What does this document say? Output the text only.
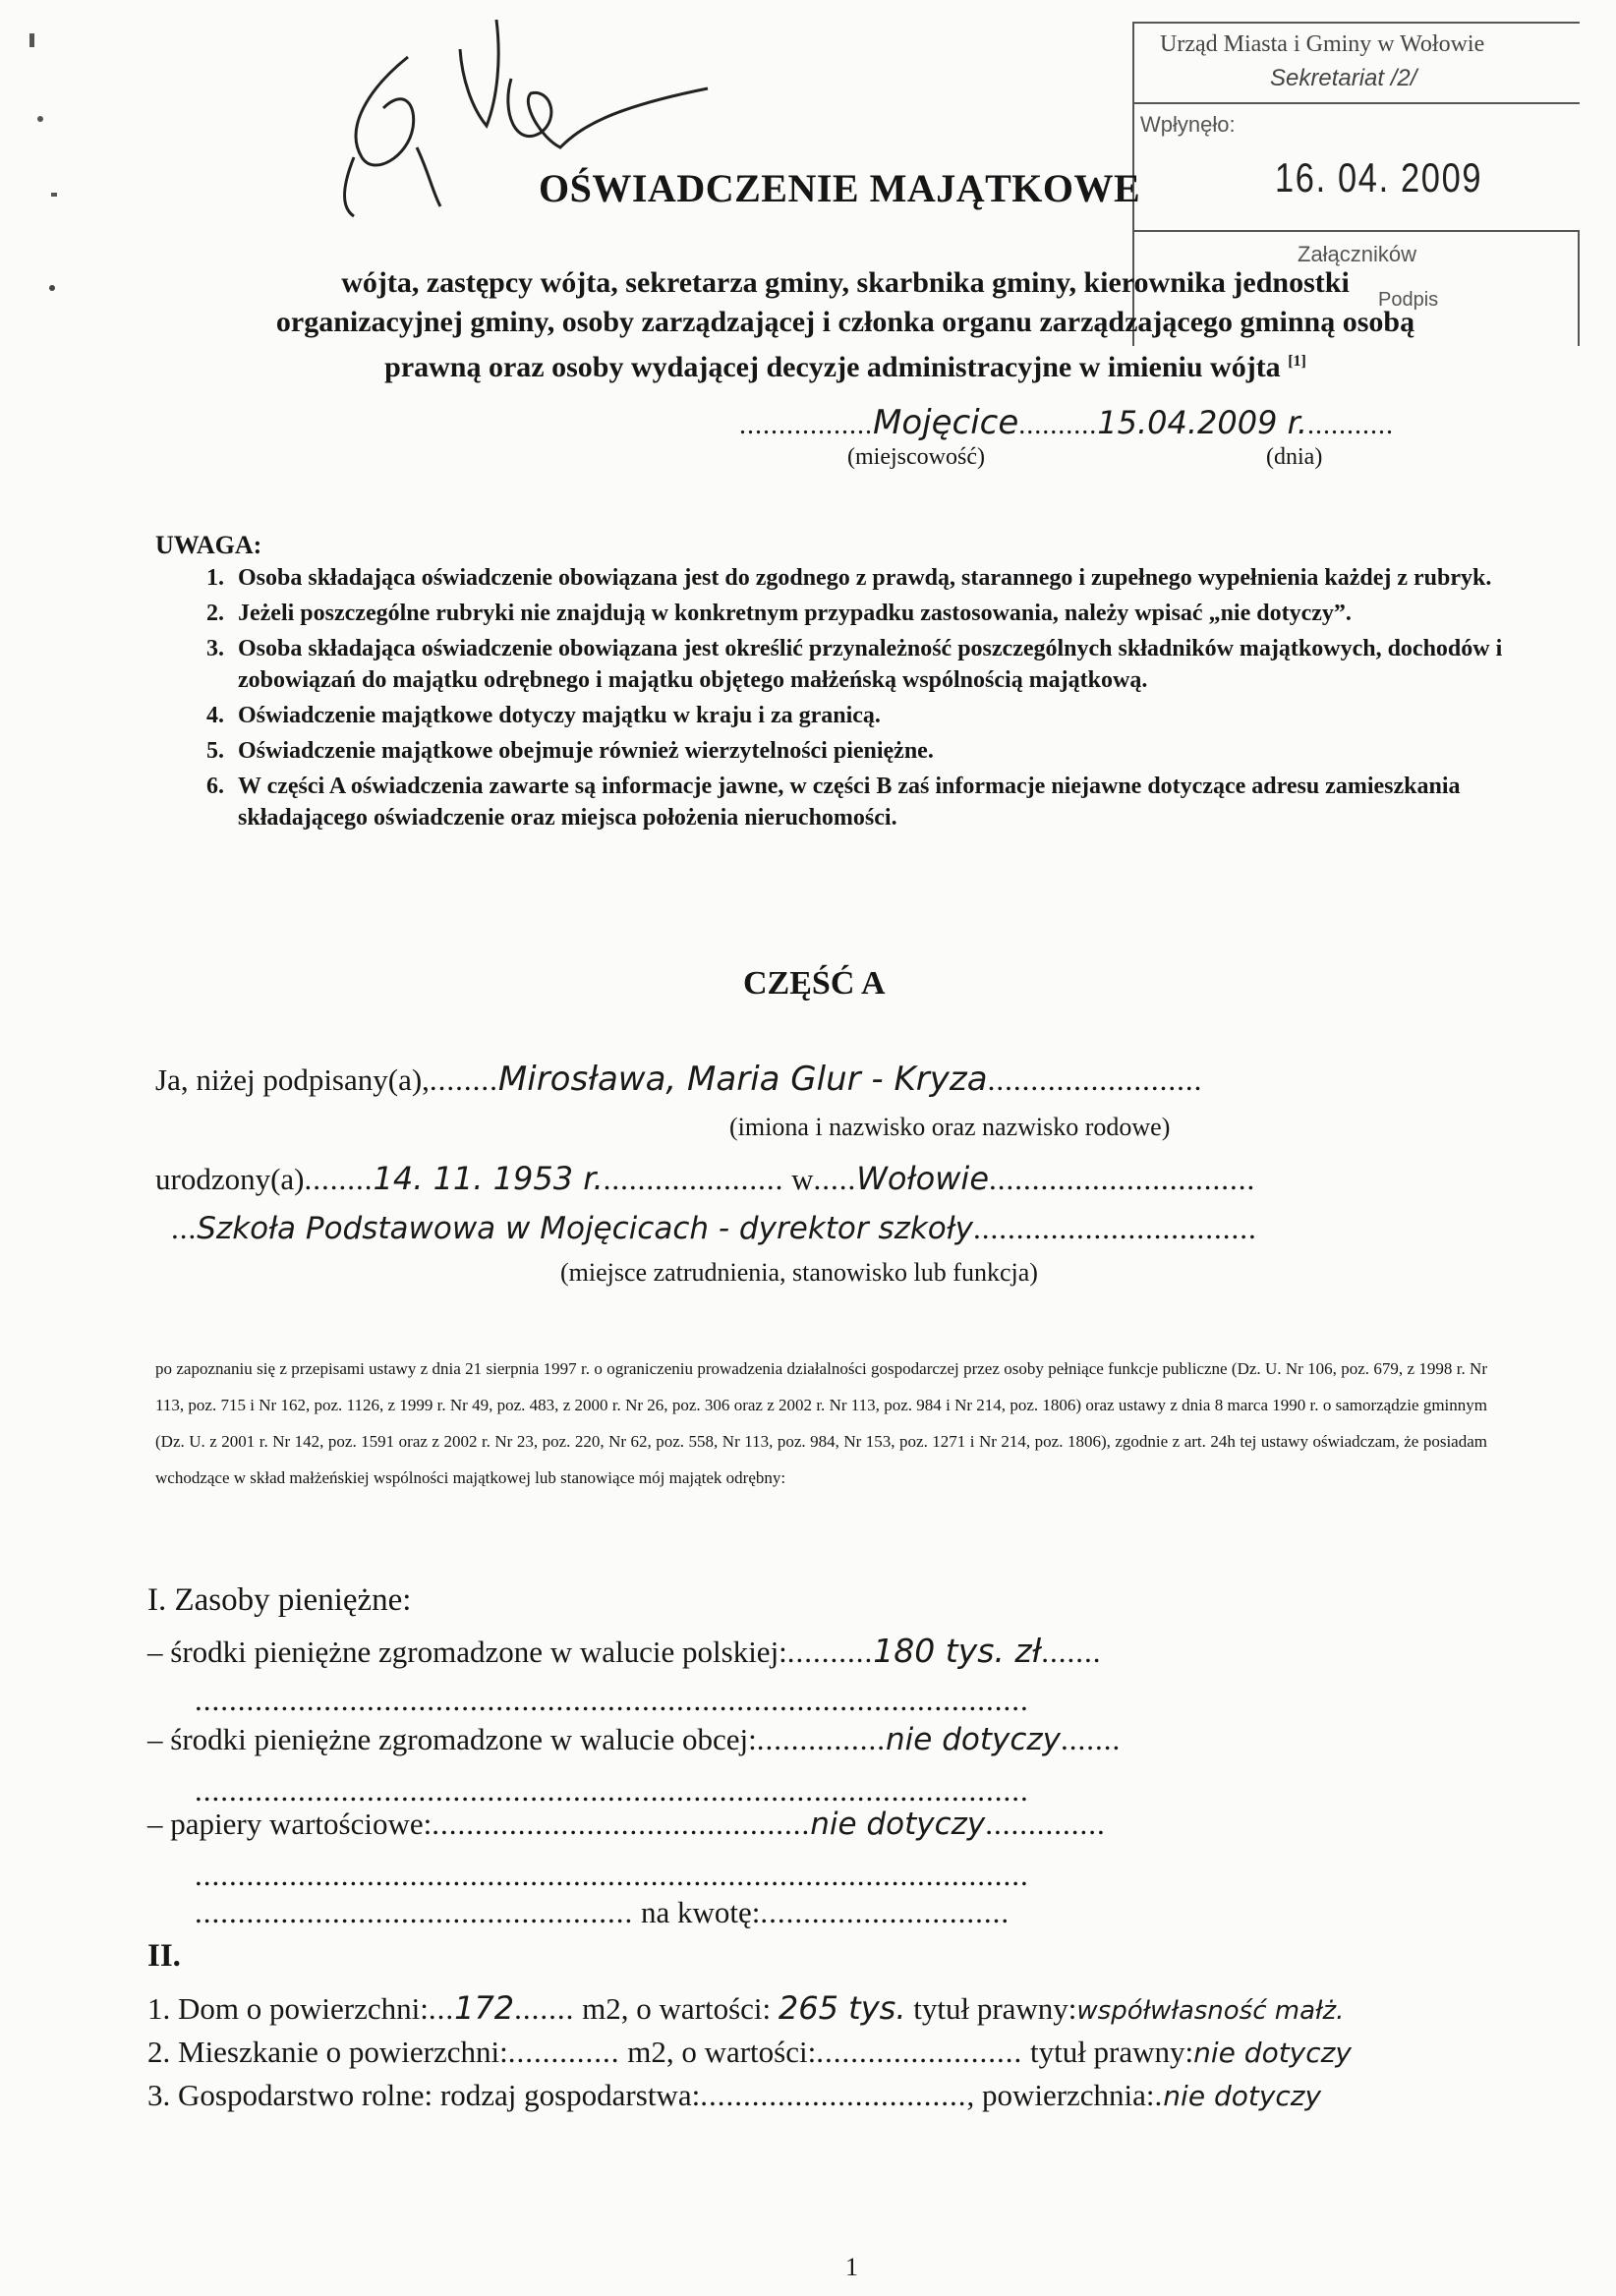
Urząd Miasta i Gminy w Wołowie
Sekretariat /2/
Wpłynęło:
16. 04. 2009
Załączników
Podpis
OŚWIADCZENIE MAJĄTKOWE
wójta, zastępcy wójta, sekretarza gminy, skarbnika gminy, kierownika jednostki
organizacyjnej gminy, osoby zarządzającej i członka organu zarządzającego gminną osobą
prawną oraz osoby wydającej decyzje administracyjne w imieniu wójta [1]
.................Mojęcice..........15.04.2009 r............
(miejscowość)	(dnia)
UWAGA:
1. Osoba składająca oświadczenie obowiązana jest do zgodnego z prawdą, starannego i zupełnego wypełnienia każdej z rubryk.
2. Jeżeli poszczególne rubryki nie znajdują w konkretnym przypadku zastosowania, należy wpisać „nie dotyczy”.
3. Osoba składająca oświadczenie obowiązana jest określić przynależność poszczególnych składników majątkowych, dochodów i zobowiązań do majątku odrębnego i majątku objętego małżeńską wspólnością majątkową.
4. Oświadczenie majątkowe dotyczy majątku w kraju i za granicą.
5. Oświadczenie majątkowe obejmuje również wierzytelności pieniężne.
6. W części A oświadczenia zawarte są informacje jawne, w części B zaś informacje niejawne dotyczące adresu zamieszkania składającego oświadczenie oraz miejsca położenia nieruchomości.
CZĘŚĆ A
Ja, niżej podpisany(a),........Mirosława, Maria Glur - Kryza.........................
(imiona i nazwisko oraz nazwisko rodowe)
urodzony(a)........14. 11. 1953 r...................... w.....Wołowie...............................
...Szkoła Podstawowa w Mojęcicach - dyrektor szkoły.................................
(miejsce zatrudnienia, stanowisko lub funkcja)
po zapoznaniu się z przepisami ustawy z dnia 21 sierpnia 1997 r. o ograniczeniu prowadzenia działalności gospodarczej przez osoby pełniące funkcje publiczne (Dz. U. Nr 106, poz. 679, z 1998 r. Nr 113, poz. 715 i Nr 162, poz. 1126, z 1999 r. Nr 49, poz. 483, z 2000 r. Nr 26, poz. 306 oraz z 2002 r. Nr 113, poz. 984 i Nr 214, poz. 1806) oraz ustawy z dnia 8 marca 1990 r. o samorządzie gminnym (Dz. U. z 2001 r. Nr 142, poz. 1591 oraz z 2002 r. Nr 23, poz. 220, Nr 62, poz. 558, Nr 113, poz. 984, Nr 153, poz. 1271 i Nr 214, poz. 1806), zgodnie z art. 24h tej ustawy oświadczam, że posiadam wchodzące w skład małżeńskiej wspólności majątkowej lub stanowiące mój majątek odrębny:
I. Zasoby pieniężne:
– środki pieniężne zgromadzone w walucie polskiej:..........180 tys. zł.......
.................................................................................................
– środki pieniężne zgromadzone w walucie obcej:...............nie dotyczy.......
.................................................................................................
– papiery wartościowe:............................................nie dotyczy..............
.................................................................................................
................................................... na kwotę:.............................
II.
1. Dom o powierzchni:...172....... m2, o wartości: 265 tys. tytuł prawny:współwłasność małż.
2. Mieszkanie o powierzchni:............. m2, o wartości:........................ tytuł prawny:nie dotyczy
3. Gospodarstwo rolne: rodzaj gospodarstwa:..............................., powierzchnia:.nie dotyczy
1
